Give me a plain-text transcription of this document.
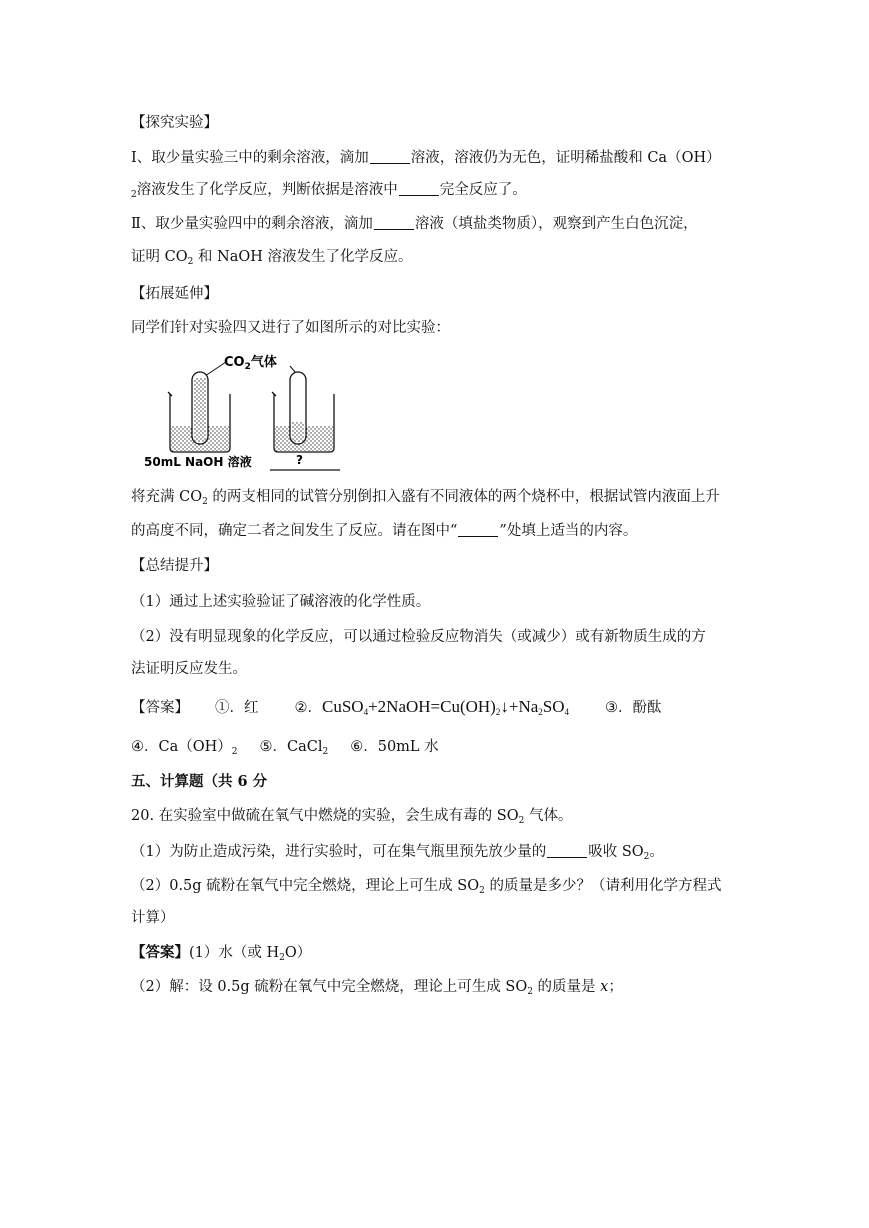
【探究实验】
Ⅰ、取少量实验三中的剩余溶液，滴加	溶液，溶液仍为无色，证明稀盐酸和 Ca（OH）
$_2$溶液发生了化学反应，判断依据是溶液中	完全反应了。
Ⅱ、取少量实验四中的剩余溶液，滴加	溶液（填盐类物质），观察到产生白色沉淀，
证明 $CO_2$ 和 NaOH 溶液发生了化学反应。
【拓展延伸】
同学们针对实验四又进行了如图所示的对比实验：
$CO_2$气体
50mL NaOH 溶液	?
将充满 $CO_2$ 的两支相同的试管分别倒扣入盛有不同液体的两个烧杯中，根据试管内液面上升
的高度不同，确定二者之间发生了反应。请在图中“	”处填上适当的内容。
【总结提升】
（1）通过上述实验验证了碱溶液的化学性质。
（2）没有明显现象的化学反应，可以通过检验反应物消失（或减少）或有新物质生成的方
法证明反应发生。
【答案】 ①．红 ②．$CuSO_4+2NaOH=Cu(OH)_2↓+Na_2SO_4$ ③．酚酞
④．$Ca(OH)_2$ ⑤．CaCl$_2$ ⑥．50mL 水
五、计算题（共 6 分
20. 在实验室中做硫在氧气中燃烧的实验，会生成有毒的 $SO_2$ 气体。
（1）为防止造成污染，进行实验时，可在集气瓶里预先放少量的	吸收 $SO_2$。
（2）0.5g 硫粉在氧气中完全燃烧，理论上可生成 $SO_2$ 的质量是多少？（请利用化学方程式
计算）
【答案】(1）水（或 $H_2O$）
（2）解：设 0.5g 硫粉在氧气中完全燃烧，理论上可生成 $SO_2$ 的质量是 x；
